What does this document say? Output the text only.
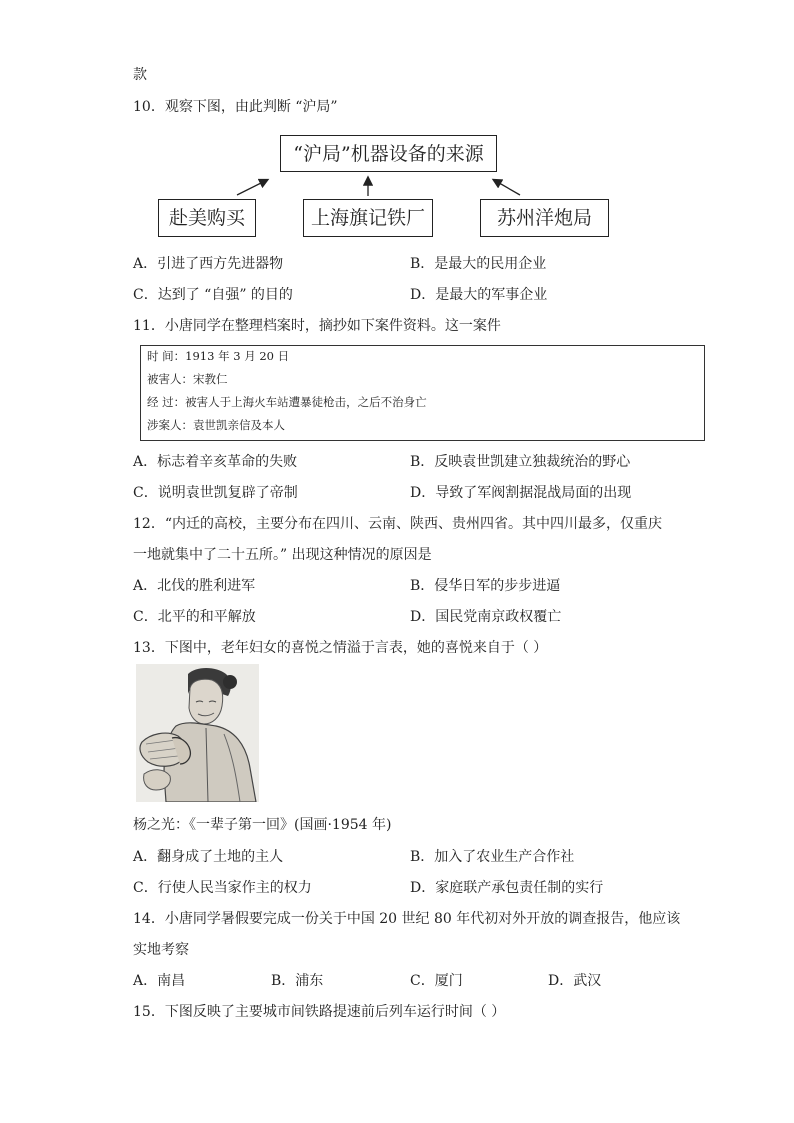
款
10．观察下图，由此判断 “沪局”
“沪局”机器设备的来源
赴美购买	上海旗记铁厂	苏州洋炮局
A．引进了西方先进器物	B．是最大的民用企业
C．达到了 “自强” 的目的	D．是最大的军事企业
11．小唐同学在整理档案时，摘抄如下案件资料。这一案件
时 间：1913 年 3 月 20 日
被害人：宋教仁
经 过：被害人于上海火车站遭暴徒枪击，之后不治身亡
涉案人：袁世凯亲信及本人
A．标志着辛亥革命的失败	B．反映袁世凯建立独裁统治的野心
C．说明袁世凯复辟了帝制	D．导致了军阀割据混战局面的出现
12．“内迁的高校，主要分布在四川、云南、陕西、贵州四省。其中四川最多，仅重庆
一地就集中了二十五所。” 出现这种情况的原因是
A．北伐的胜利进军	B．侵华日军的步步进逼
C．北平的和平解放	D．国民党南京政权覆亡
13．下图中，老年妇女的喜悦之情溢于言表，她的喜悦来自于（ ）
杨之光：《一辈子第一回》(国画·1954 年)
A．翻身成了土地的主人	B．加入了农业生产合作社
C．行使人民当家作主的权力	D．家庭联产承包责任制的实行
14．小唐同学暑假要完成一份关于中国 20 世纪 80 年代初对外开放的调查报告，他应该
实地考察
A．南昌	B．浦东	C．厦门	D．武汉
15．下图反映了主要城市间铁路提速前后列车运行时间（ ）
